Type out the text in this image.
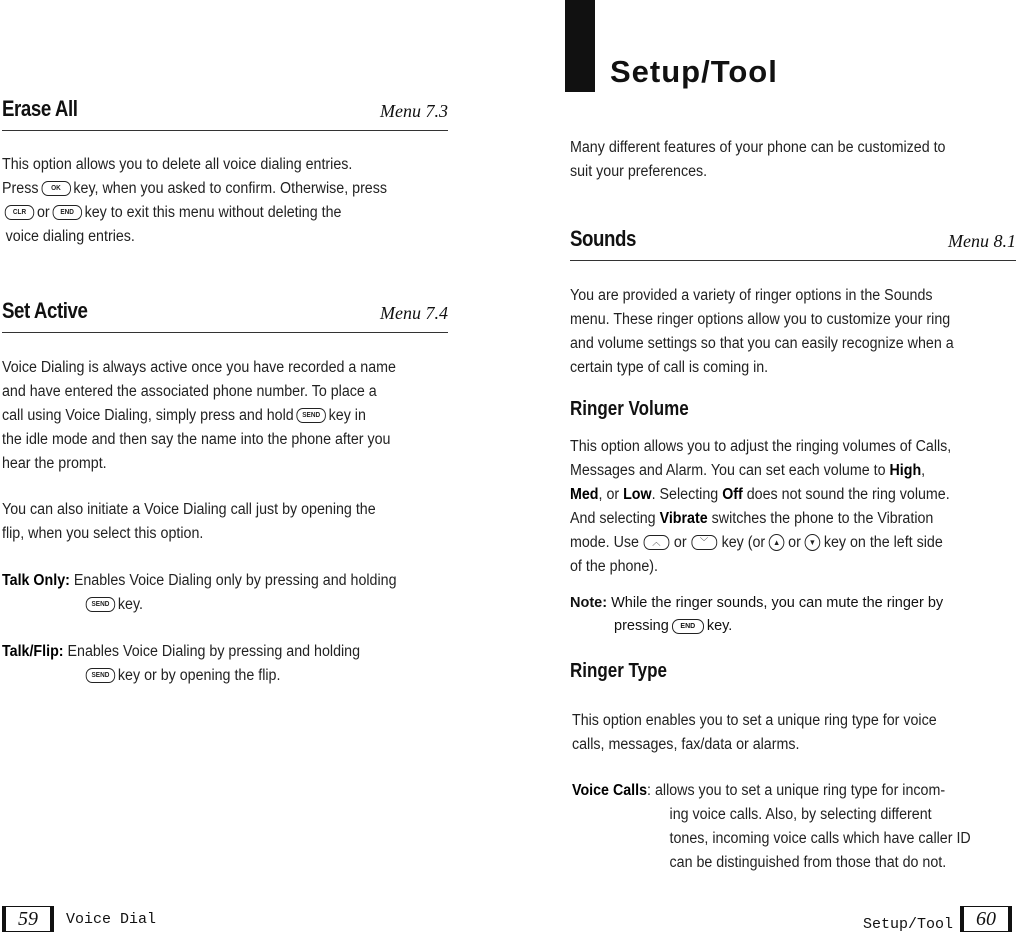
Erase All	Menu 7.3
This option allows you to delete all voice dialing entries.
Press OK key, when you asked to confirm. Otherwise, press
CLR or END key to exit this menu without deleting the
voice dialing entries.
Set Active	Menu 7.4
Voice Dialing is always active once you have recorded a name
and have entered the associated phone number. To place a
call using Voice Dialing, simply press and hold SEND key in
the idle mode and then say the name into the phone after you
hear the prompt.
You can also initiate a Voice Dialing call just by opening the
flip, when you select this option.
Talk Only: Enables Voice Dialing only by pressing and holding
SEND key.
Talk/Flip: Enables Voice Dialing by pressing and holding
SEND key or by opening the flip.
59	Voice Dial
Setup/Tool
Many different features of your phone can be customized to
suit your preferences.
Sounds	Menu 8.1
You are provided a variety of ringer options in the Sounds
menu. These ringer options allow you to customize your ring
and volume settings so that you can easily recognize when a
certain type of call is coming in.
Ringer Volume
This option allows you to adjust the ringing volumes of Calls,
Messages and Alarm. You can set each volume to High,
Med, or Low. Selecting Off does not sound the ring volume.
And selecting Vibrate switches the phone to the Vibration
mode. Use ︿ or ﹀ key (or ▲ or ▼ key on the left side
of the phone).
Note: While the ringer sounds, you can mute the ringer by
pressing END key.
Ringer Type
This option enables you to set a unique ring type for voice
calls, messages, fax/data or alarms.
Voice Calls: allows you to set a unique ring type for incom-
ing voice calls. Also, by selecting different
tones, incoming voice calls which have caller ID
can be distinguished from those that do not.
Setup/Tool	60
